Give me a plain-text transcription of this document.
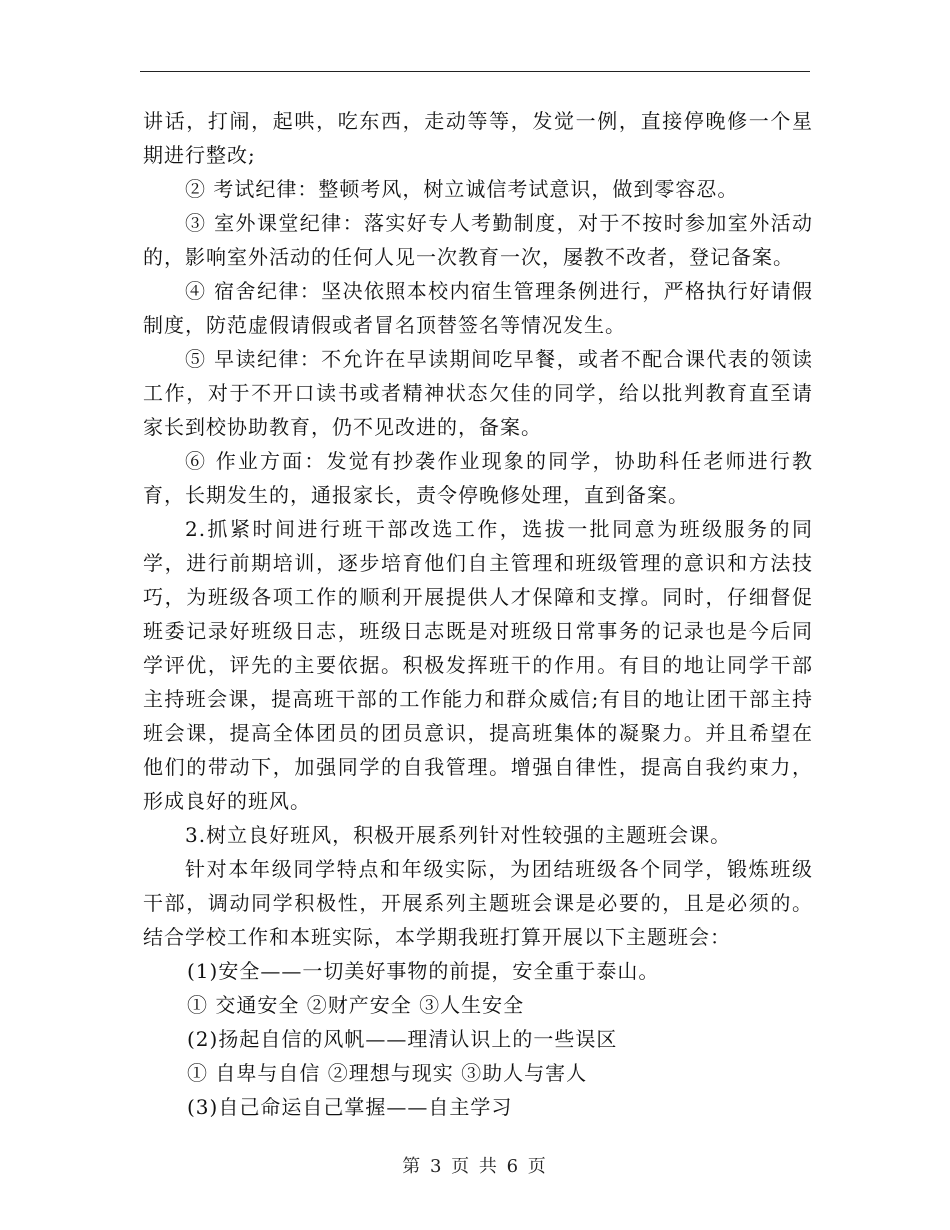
讲话，打闹，起哄，吃东西，走动等等，发觉一例，直接停晚修一个星期进行整改;

② 考试纪律：整顿考风，树立诚信考试意识，做到零容忍。

③ 室外课堂纪律：落实好专人考勤制度，对于不按时参加室外活动的，影响室外活动的任何人见一次教育一次，屡教不改者，登记备案。

④ 宿舍纪律：坚决依照本校内宿生管理条例进行，严格执行好请假制度，防范虚假请假或者冒名顶替签名等情况发生。

⑤ 早读纪律：不允许在早读期间吃早餐，或者不配合课代表的领读工作，对于不开口读书或者精神状态欠佳的同学，给以批判教育直至请家长到校协助教育，仍不见改进的，备案。

⑥ 作业方面：发觉有抄袭作业现象的同学，协助科任老师进行教育，长期发生的，通报家长，责令停晚修处理，直到备案。

2.抓紧时间进行班干部改选工作，选拔一批同意为班级服务的同学，进行前期培训，逐步培育他们自主管理和班级管理的意识和方法技巧，为班级各项工作的顺利开展提供人才保障和支撑。同时，仔细督促班委记录好班级日志，班级日志既是对班级日常事务的记录也是今后同学评优，评先的主要依据。积极发挥班干的作用。有目的地让同学干部主持班会课，提高班干部的工作能力和群众威信;有目的地让团干部主持班会课，提高全体团员的团员意识，提高班集体的凝聚力。并且希望在他们的带动下，加强同学的自我管理。增强自律性，提高自我约束力，形成良好的班风。

3.树立良好班风，积极开展系列针对性较强的主题班会课。

针对本年级同学特点和年级实际，为团结班级各个同学，锻炼班级干部，调动同学积极性，开展系列主题班会课是必要的，且是必须的。结合学校工作和本班实际，本学期我班打算开展以下主题班会：

(1)安全——一切美好事物的前提，安全重于泰山。

① 交通安全 ②财产安全 ③人生安全

(2)扬起自信的风帆——理清认识上的一些误区

① 自卑与自信 ②理想与现实 ③助人与害人

(3)自己命运自己掌握——自主学习

第 3 页 共 6 页
